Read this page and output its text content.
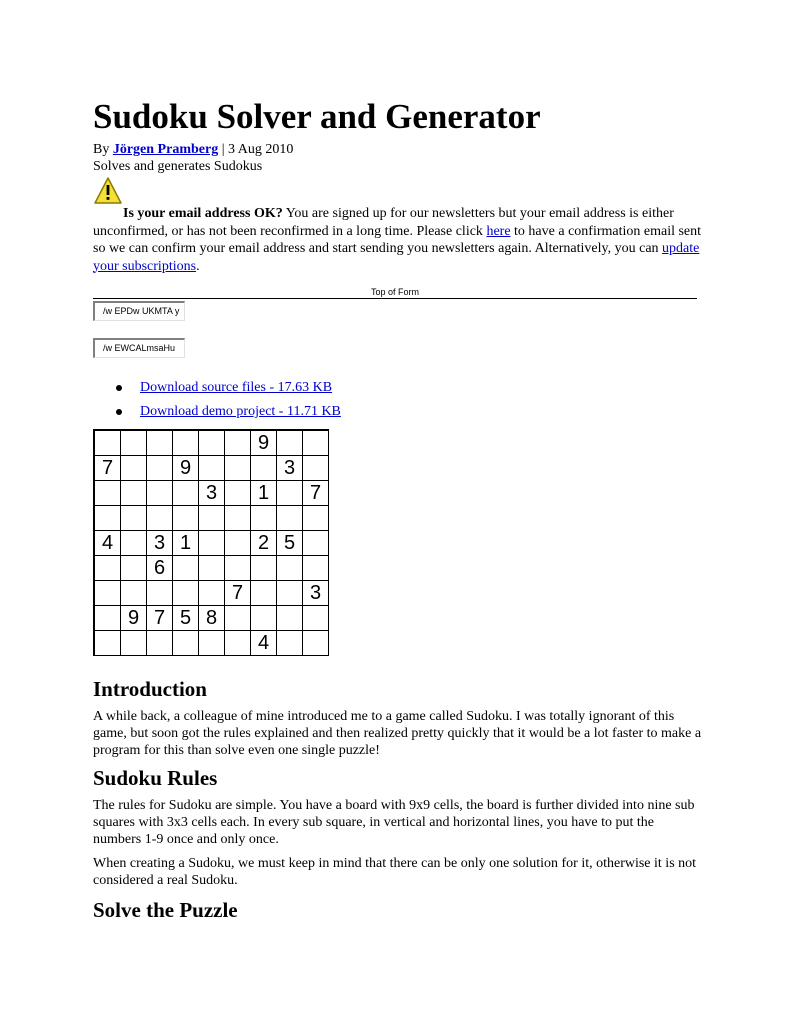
Sudoku Solver and Generator
By Jörgen Pramberg | 3 Aug 2010
Solves and generates Sudokus
Is your email address OK? You are signed up for our newsletters but your email address is either unconfirmed, or has not been reconfirmed in a long time. Please click here to have a confirmation email sent so we can confirm your email address and start sending you newsletters again. Alternatively, you can update your subscriptions.
Top of Form
/w EPDw UKMTA y
/w EWCALmsaHu
Download source files - 17.63 KB
Download demo project - 11.71 KB
						9		
7			9				3	
				3		1		7

4		3	1			2	5	
		6						
					7			3
	9	7	5	8				
						4		
Introduction

A while back, a colleague of mine introduced me to a game called Sudoku. I was totally ignorant of this game, but soon got the rules explained and then realized pretty quickly that it would be a lot faster to make a program for this than solve even one single puzzle!

Sudoku Rules

The rules for Sudoku are simple. You have a board with 9x9 cells, the board is further divided into nine sub squares with 3x3 cells each. In every sub square, in vertical and horizontal lines, you have to put the numbers 1-9 once and only once.

When creating a Sudoku, we must keep in mind that there can be only one solution for it, otherwise it is not considered a real Sudoku.

Solve the Puzzle
